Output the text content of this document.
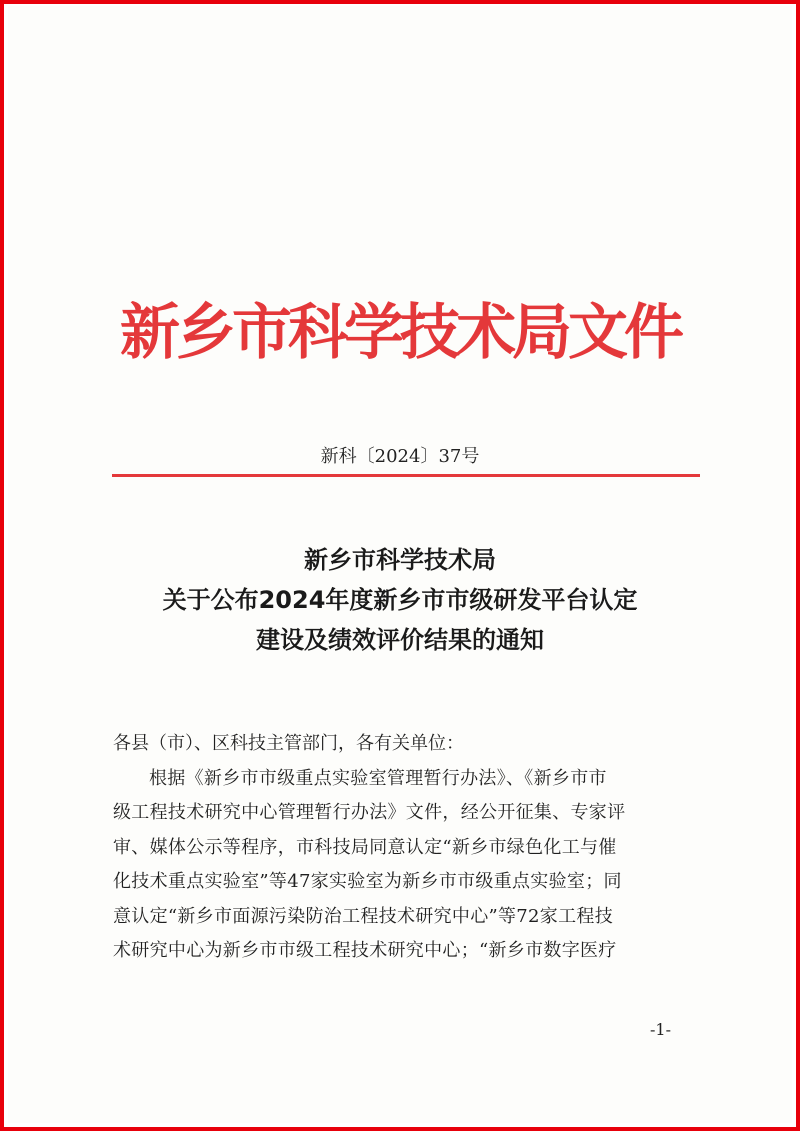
新乡市科学技术局文件
新科〔2024〕37号
新乡市科学技术局
关于公布2024年度新乡市市级研发平台认定
建设及绩效评价结果的通知
各县（市）、区科技主管部门，各有关单位：
根据《新乡市市级重点实验室管理暂行办法》、《新乡市市
级工程技术研究中心管理暂行办法》文件，经公开征集、专家评
审、媒体公示等程序，市科技局同意认定“新乡市绿色化工与催
化技术重点实验室”等47家实验室为新乡市市级重点实验室；同
意认定“新乡市面源污染防治工程技术研究中心”等72家工程技
术研究中心为新乡市市级工程技术研究中心；“新乡市数字医疗
-1-
